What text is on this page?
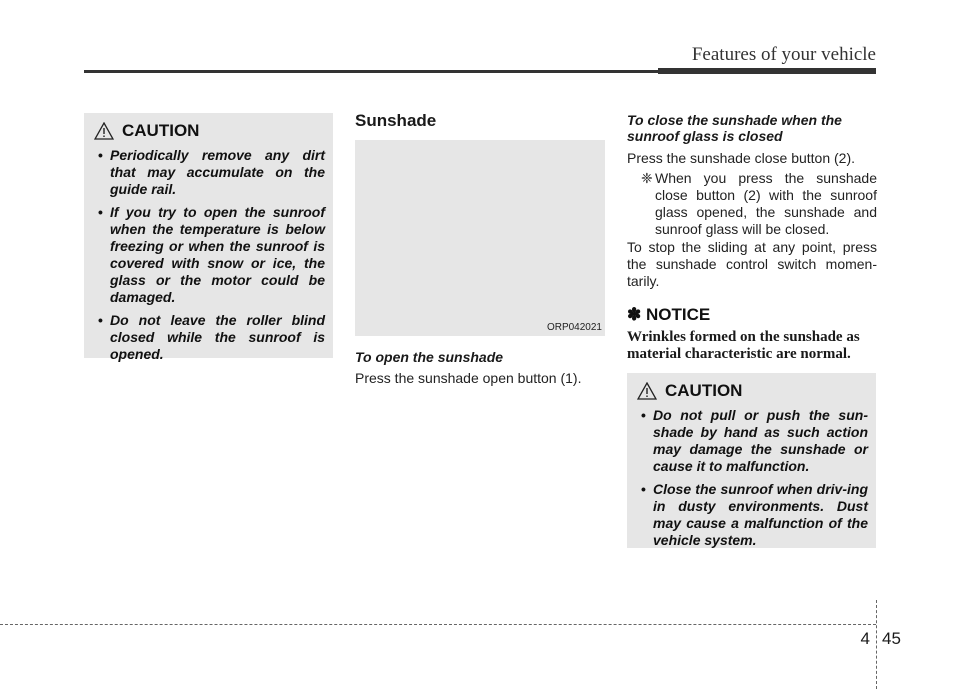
Features of your vehicle
CAUTION
• Periodically remove any dirt that may accumulate on the guide rail.
• If you try to open the sunroof when the temperature is below freezing or when the sunroof is covered with snow or ice, the glass or the motor could be damaged.
• Do not leave the roller blind closed while the sunroof is opened.
Sunshade
ORP042021
To open the sunshade
Press the sunshade open button (1).
To close the sunshade when the sunroof glass is closed
Press the sunshade close button (2).
❈ When you press the sunshade close button (2) with the sunroof glass opened, the sunshade and sunroof glass will be closed.
To stop the sliding at any point, press the sunshade control switch momen-tarily.
✽ NOTICE
Wrinkles formed on the sunshade as material characteristic are normal.
CAUTION
• Do not pull or push the sun-shade by hand as such action may damage the sunshade or cause it to malfunction.
• Close the sunroof when driv-ing in dusty environments. Dust may cause a malfunction of the vehicle system.
4 45
